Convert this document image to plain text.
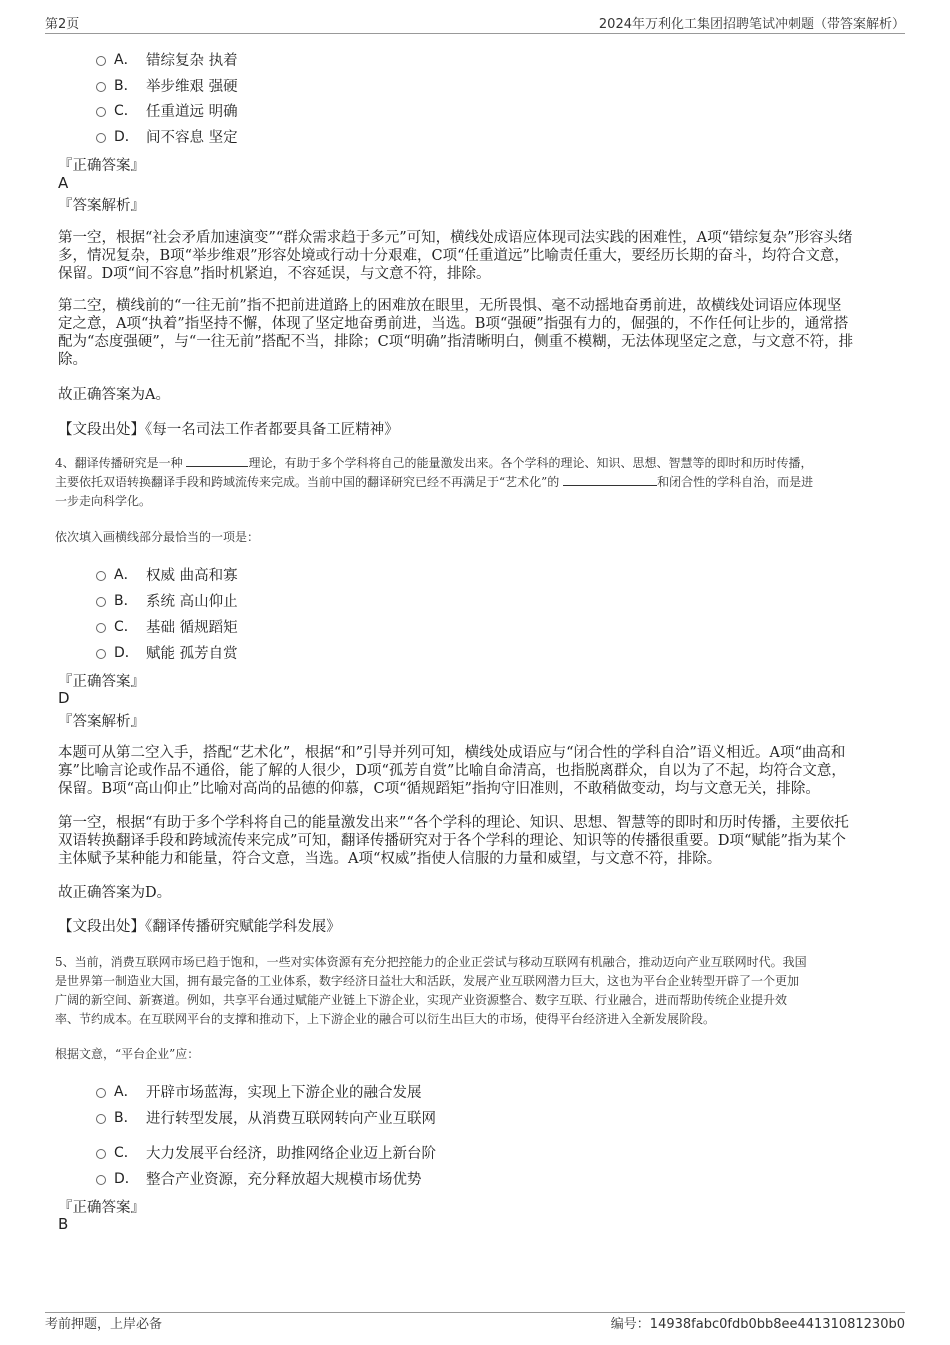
第2页	2024年万利化工集团招聘笔试冲刺题（带答案解析）
A． 错综复杂 执着
B． 举步维艰 强硬
C． 任重道远 明确
D． 间不容息 坚定
『正确答案』
A
『答案解析』
第一空，根据“社会矛盾加速演变”“群众需求趋于多元”可知，横线处成语应体现司法实践的困难性，A项“错综复杂”形容头绪
多，情况复杂，B项“举步维艰”形容处境或行动十分艰难，C项“任重道远”比喻责任重大，要经历长期的奋斗，均符合文意，
保留。D项“间不容息”指时机紧迫，不容延误，与文意不符，排除。
第二空，横线前的“一往无前”指不把前进道路上的困难放在眼里，无所畏惧、毫不动摇地奋勇前进，故横线处词语应体现坚
定之意，A项“执着”指坚持不懈，体现了坚定地奋勇前进，当选。B项“强硬”指强有力的，倔强的，不作任何让步的，通常搭
配为“态度强硬”，与“一往无前”搭配不当，排除；C项“明确”指清晰明白，侧重不模糊，无法体现坚定之意，与文意不符，排
除。
故正确答案为A。
【文段出处】《每一名司法工作者都要具备工匠精神》
4、翻译传播研究是一种	理论，有助于多个学科将自己的能量激发出来。各个学科的理论、知识、思想、智慧等的即时和历时传播，
主要依托双语转换翻译手段和跨域流传来完成。当前中国的翻译研究已经不再满足于“艺术化”的	和闭合性的学科自治，而是进
一步走向科学化。
依次填入画横线部分最恰当的一项是：
A． 权威 曲高和寡
B． 系统 高山仰止
C． 基础 循规蹈矩
D． 赋能 孤芳自赏
『正确答案』
D
『答案解析』
本题可从第二空入手，搭配“艺术化”，根据“和”引导并列可知，横线处成语应与“闭合性的学科自洽”语义相近。A项“曲高和
寡”比喻言论或作品不通俗，能了解的人很少，D项“孤芳自赏”比喻自命清高，也指脱离群众，自以为了不起，均符合文意，
保留。B项“高山仰止”比喻对高尚的品德的仰慕，C项“循规蹈矩”指拘守旧准则，不敢稍做变动，均与文意无关，排除。
第一空，根据“有助于多个学科将自己的能量激发出来”“各个学科的理论、知识、思想、智慧等的即时和历时传播，主要依托
双语转换翻译手段和跨域流传来完成”可知，翻译传播研究对于各个学科的理论、知识等的传播很重要。D项“赋能”指为某个
主体赋予某种能力和能量，符合文意，当选。A项“权威”指使人信服的力量和威望，与文意不符，排除。
故正确答案为D。
【文段出处】《翻译传播研究赋能学科发展》
5、当前，消费互联网市场已趋于饱和，一些对实体资源有充分把控能力的企业正尝试与移动互联网有机融合，推动迈向产业互联网时代。我国
是世界第一制造业大国，拥有最完备的工业体系，数字经济日益壮大和活跃，发展产业互联网潜力巨大，这也为平台企业转型开辟了一个更加
广阔的新空间、新赛道。例如，共享平台通过赋能产业链上下游企业，实现产业资源整合、数字互联、行业融合，进而帮助传统企业提升效
率、节约成本。在互联网平台的支撑和推动下，上下游企业的融合可以衍生出巨大的市场，使得平台经济进入全新发展阶段。
根据文意，“平台企业”应：
A． 开辟市场蓝海，实现上下游企业的融合发展
B． 进行转型发展，从消费互联网转向产业互联网
C． 大力发展平台经济，助推网络企业迈上新台阶
D． 整合产业资源，充分释放超大规模市场优势
『正确答案』
B
考前押题，上岸必备	编号：14938fabc0fdb0bb8ee44131081230b0
